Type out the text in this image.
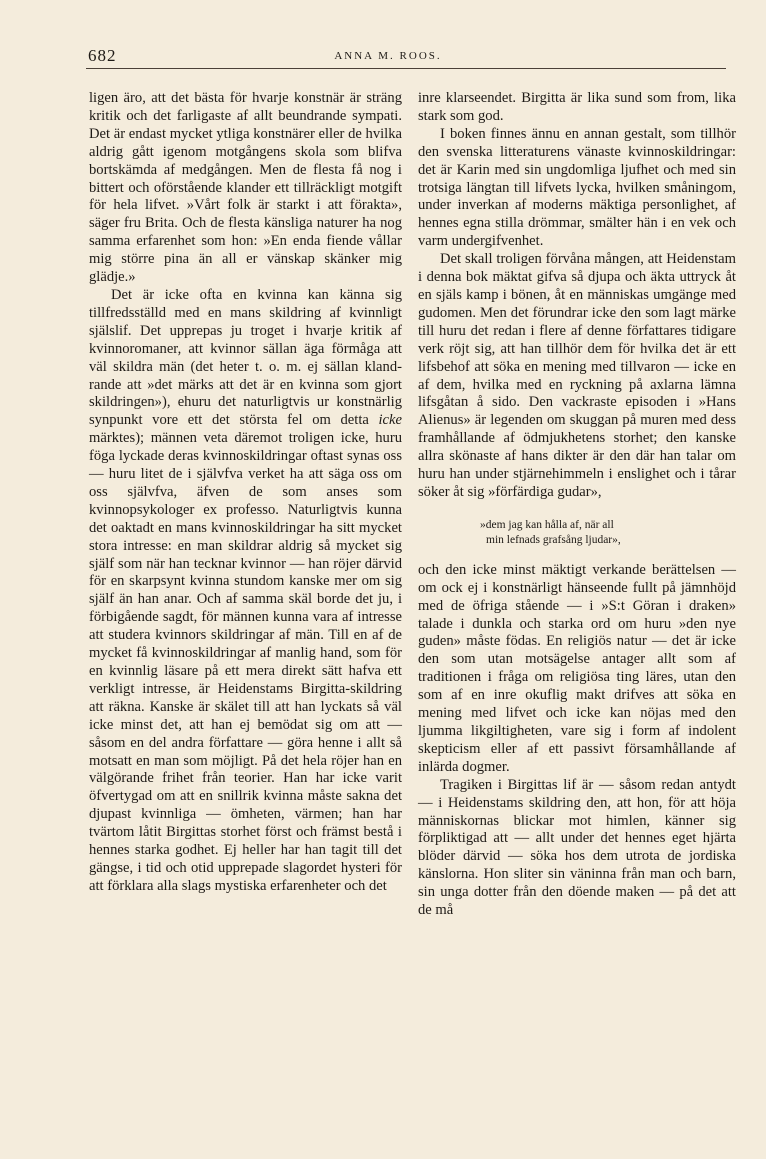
682	ANNA M. ROOS.

ligen äro, att det bästa för hvarje konstnär är sträng kritik och det farligaste af allt beundrande sympati. Det är endast mycket ytliga konstnärer eller de hvilka aldrig gått igenom motgångens skola som blifva bortskämda af medgången. Men de flesta få nog i bittert och oförstående klander ett tillräckligt motgift för hela lifvet. »Vårt folk är starkt i att förakta», säger fru Brita. Och de flesta känsliga naturer ha nog samma erfarenhet som hon: »En enda fiende vållar mig större pina än all er vänskap skänker mig glädje.»

Det är icke ofta en kvinna kan känna sig tillfredsställd med en mans skildring af kvinnligt själslif. Det upprepas ju troget i hvarje kritik af kvinnoromaner, att kvinnor sällan äga förmåga att väl skildra män (det heter t. o. m. ej sällan klandrande att »det märks att det är en kvinna som gjort skildringen»), ehuru det naturligtvis ur konstnärlig synpunkt vore ett det största fel om detta icke märktes); männen veta däremot troligen icke, huru föga lyckade deras kvinnoskildringar oftast synas oss — huru litet de i självfva verket ha att säga oss om oss självfva, äfven de som anses som kvinnopsykologer ex professo. Naturligtvis kunna det oaktadt en mans kvinnoskildringar ha sitt mycket stora intresse: en man skildrar aldrig så mycket sig själf som när han tecknar kvinnor — han röjer därvid för en skarpsynt kvinna stundom kanske mer om sig själf än han anar. Och af samma skäl borde det ju, i förbigående sagdt, för männen kunna vara af intresse att studera kvinnors skildringar af män. Till en af de mycket få kvinnoskildringar af manlig hand, som för en kvinnlig läsare på ett mera direkt sätt hafva ett verkligt intresse, är Heidenstams Birgitta-skildring att räkna. Kanske är skälet till att han lyckats så väl icke minst det, att han ej bemödat sig om att — såsom en del andra författare — göra henne i allt så motsatt en man som möjligt. På det hela röjer han en välgörande frihet från teorier. Han har icke varit öfvertygad om att en snillrik kvinna måste sakna det djupast kvinnliga — ömheten, värmen; han har tvärtom låtit Birgittas storhet först och främst bestå i hennes starka godhet. Ej heller har han tagit till det gängse, i tid och otid upprepade slagordet hysteri för att förklara alla slags mystiska erfarenheter och det

inre klarseendet. Birgitta är lika sund som from, lika stark som god.

I boken finnes ännu en annan gestalt, som tillhör den svenska litteraturens vänaste kvinnoskildringar: det är Karin med sin ungdomliga ljufhet och med sin trotsiga längtan till lifvets lycka, hvilken småningom, under inverkan af moderns mäktiga personlighet, af hennes egna stilla drömmar, smälter hän i en vek och varm undergifvenhet.

Det skall troligen förvåna mången, att Heidenstam i denna bok mäktat gifva så djupa och äkta uttryck åt en själs kamp i bönen, åt en människas umgänge med gudomen. Men det förundrar icke den som lagt märke till huru det redan i flere af denne författares tidigare verk röjt sig, att han tillhör dem för hvilka det är ett lifsbehof att söka en mening med tillvaron — icke en af dem, hvilka med en ryckning på axlarna lämna lifsgåtan å sido. Den vackraste episoden i »Hans Alienus» är legenden om skuggan på muren med dess framhållande af ödmjukhetens storhet; den kanske allra skönaste af hans dikter är den där han talar om huru han under stjärnehimmeln i enslighet och i tårar söker åt sig »förfärdiga gudar»,

»dem jag kan hålla af, när all
min lefnads grafsång ljudar»,

och den icke minst mäktigt verkande berättelsen — om ock ej i konstnärligt hänseende fullt på jämnhöjd med de öfriga stående — i »S:t Göran i draken» talade i dunkla och starka ord om huru »den nye guden» måste födas. En religiös natur — det är icke den som utan motsägelse antager allt som af traditionen i fråga om religiösa ting läres, utan den som af en inre okuflig makt drifves att söka en mening med lifvet och icke kan nöjas med den ljumma likgiltigheten, vare sig i form af indolent skepticism eller af ett passivt församhållande af inlärda dogmer.

Tragiken i Birgittas lif är — såsom redan antydt — i Heidenstams skildring den, att hon, för att höja människornas blickar mot himlen, känner sig förpliktigad att — allt under det hennes eget hjärta blöder därvid — söka hos dem utrota de jordiska känslorna. Hon sliter sin väninna från man och barn, sin unga dotter från den döende maken — på det att de må
